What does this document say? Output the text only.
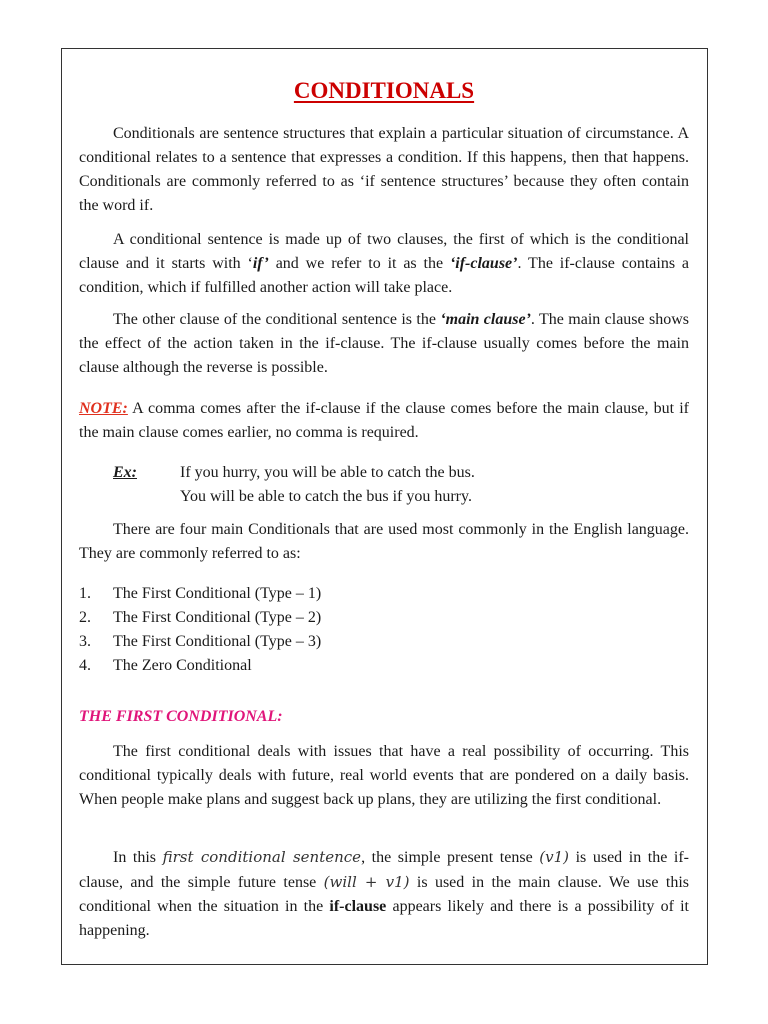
CONDITIONALS

Conditionals are sentence structures that explain a particular situation of circumstance. A conditional relates to a sentence that expresses a condition. If this happens, then that happens. Conditionals are commonly referred to as ‘if sentence structures’ because they often contain the word if.

A conditional sentence is made up of two clauses, the first of which is the conditional clause and it starts with ‘if’ and we refer to it as the ‘if-clause’. The if-clause contains a condition, which if fulfilled another action will take place.

The other clause of the conditional sentence is the ‘main clause’. The main clause shows the effect of the action taken in the if-clause. The if-clause usually comes before the main clause although the reverse is possible.

NOTE: A comma comes after the if-clause if the clause comes before the main clause, but if the main clause comes earlier, no comma is required.

Ex:	If you hurry, you will be able to catch the bus.
You will be able to catch the bus if you hurry.

There are four main Conditionals that are used most commonly in the English language. They are commonly referred to as:

1. The First Conditional (Type – 1)
2. The First Conditional (Type – 2)
3. The First Conditional (Type – 3)
4. The Zero Conditional
THE FIRST CONDITIONAL:

The first conditional deals with issues that have a real possibility of occurring. This conditional typically deals with future, real world events that are pondered on a daily basis. When people make plans and suggest back up plans, they are utilizing the first conditional.

In this first conditional sentence, the simple present tense (v1) is used in the if-clause, and the simple future tense (will + v1) is used in the main clause. We use this conditional when the situation in the if-clause appears likely and there is a possibility of it happening.
